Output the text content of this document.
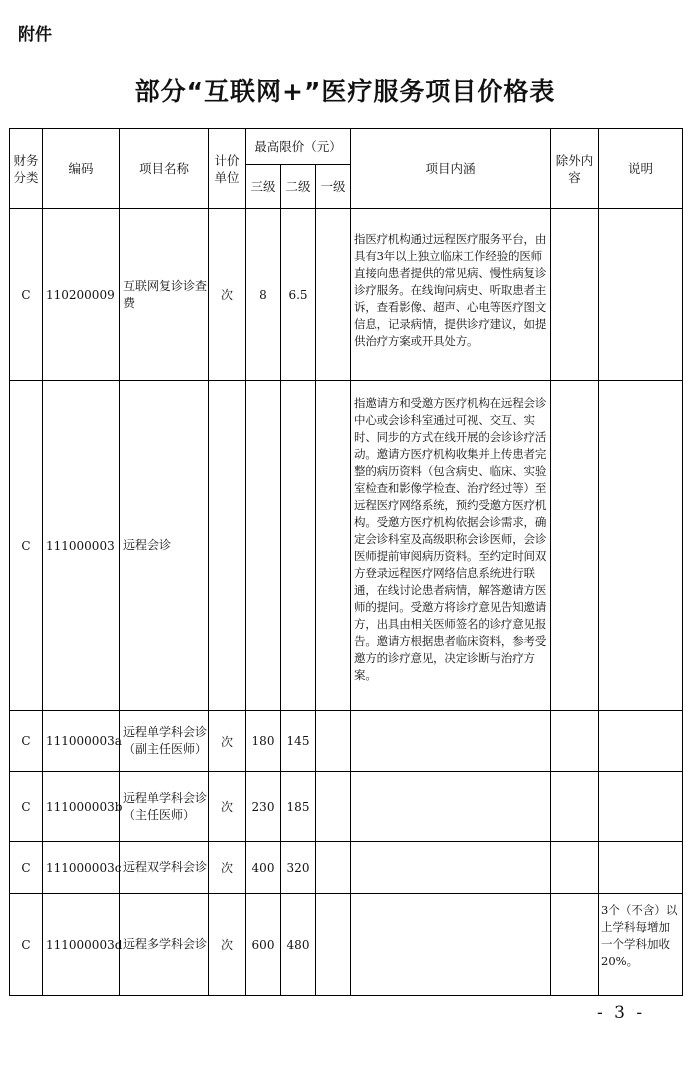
附件
部分“互联网+”医疗服务项目价格表
财务分类	编码	项目名称	计价单位	最高限价（元）			项目内涵	除外内容	说明
				三级	二级	一级			
C	110200009	互联网复诊诊查费	次	8	6.5		指医疗机构通过远程医疗服务平台，由具有3年以上独立临床工作经验的医师直接向患者提供的常见病、慢性病复诊诊疗服务。在线询问病史、听取患者主诉，查看影像、超声、心电等医疗图文信息，记录病情，提供诊疗建议，如提供治疗方案或开具处方。		
C	111000003	远程会诊					指邀请方和受邀方医疗机构在远程会诊中心或会诊科室通过可视、交互、实时、同步的方式在线开展的会诊诊疗活动。邀请方医疗机构收集并上传患者完整的病历资料（包含病史、临床、实验室检查和影像学检查、治疗经过等）至远程医疗网络系统，预约受邀方医疗机构。受邀方医疗机构依据会诊需求，确定会诊科室及高级职称会诊医师，会诊医师提前审阅病历资料。至约定时间双方登录远程医疗网络信息系统进行联通，在线讨论患者病情，解答邀请方医师的提问。受邀方将诊疗意见告知邀请方，出具由相关医师签名的诊疗意见报告。邀请方根据患者临床资料，参考受邀方的诊疗意见，决定诊断与治疗方案。		
C	111000003a	远程单学科会诊（副主任医师）	次	180	145				
C	111000003b	远程单学科会诊（主任医师）	次	230	185				
C	111000003c	远程双学科会诊	次	400	320				
C	111000003d	远程多学科会诊	次	600	480				3个（不含）以上学科每增加一个学科加收20%。
- 3 -
